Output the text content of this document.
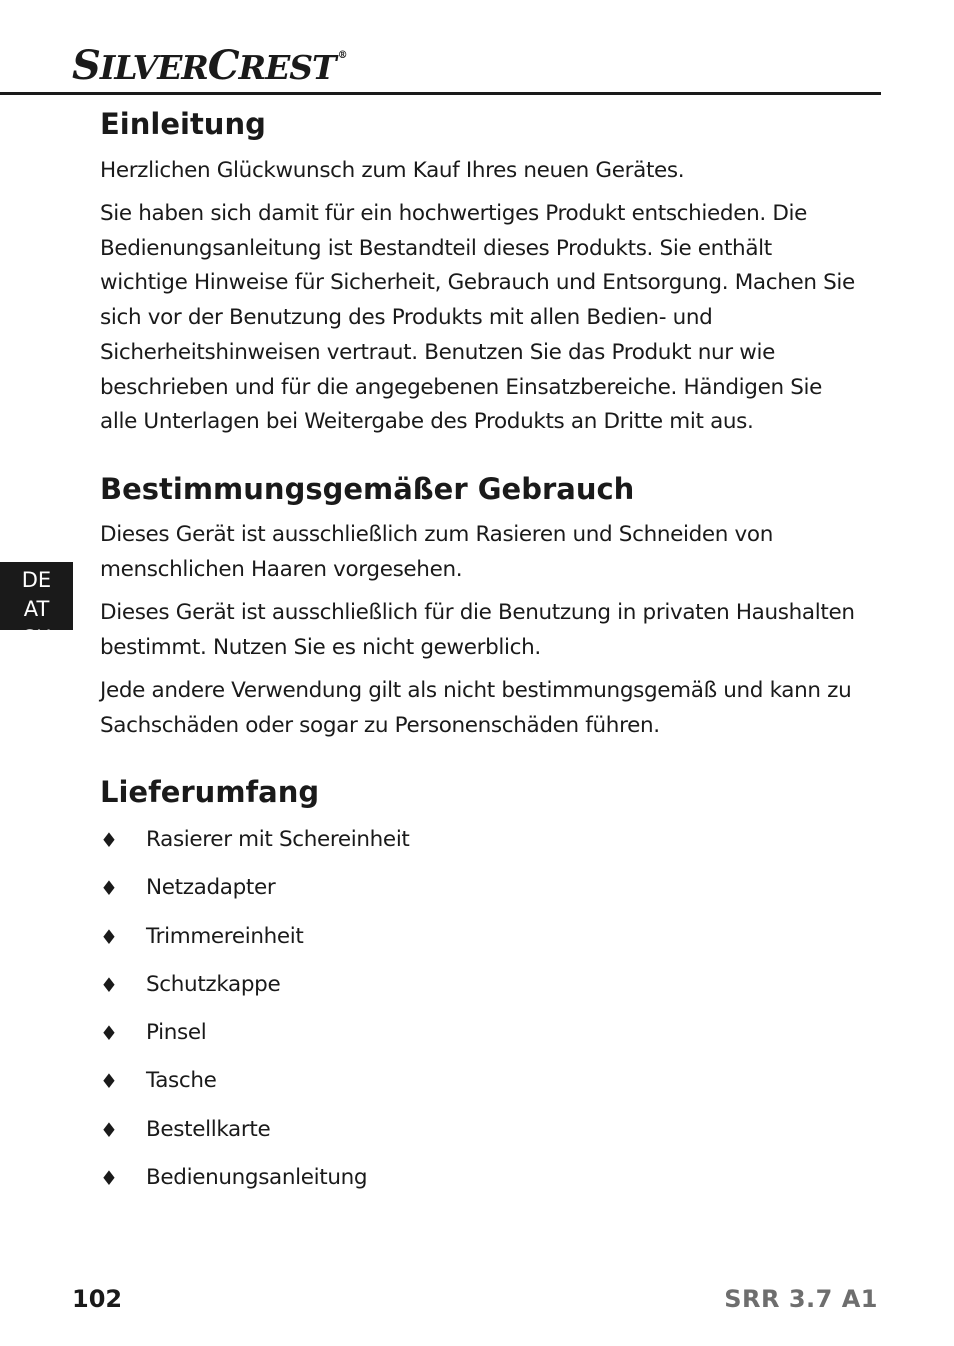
SILVERCREST ®
DE
AT
CH
Einleitung

Herzlichen Glückwunsch zum Kauf Ihres neuen Gerätes.

Sie haben sich damit für ein hochwertiges Produkt entschieden. Die Bedienungsanleitung ist Bestandteil dieses Produkts. Sie enthält wichtige Hinweise für Sicherheit, Gebrauch und Entsorgung. Machen Sie sich vor der Benutzung des Produkts mit allen Bedien- und Sicherheitshinweisen vertraut. Benutzen Sie das Produkt nur wie beschrieben und für die angegebenen Einsatzbereiche. Händigen Sie alle Unterlagen bei Weitergabe des Produkts an Dritte mit aus.

Bestimmungsgemäßer Gebrauch

Dieses Gerät ist ausschließlich zum Rasieren und Schneiden von menschlichen Haaren vorgesehen.

Dieses Gerät ist ausschließlich für die Benutzung in privaten Haushalten bestimmt. Nutzen Sie es nicht gewerblich.

Jede andere Verwendung gilt als nicht bestimmungsgemäß und kann zu Sachschäden oder sogar zu Personenschäden führen.

Lieferumfang
♦	Rasierer mit Schereinheit
♦	Netzadapter
♦	Trimmereinheit
♦	Schutzkappe
♦	Pinsel
♦	Tasche
♦	Bestellkarte
♦	Bedienungsanleitung
102	SRR 3.7 A1
